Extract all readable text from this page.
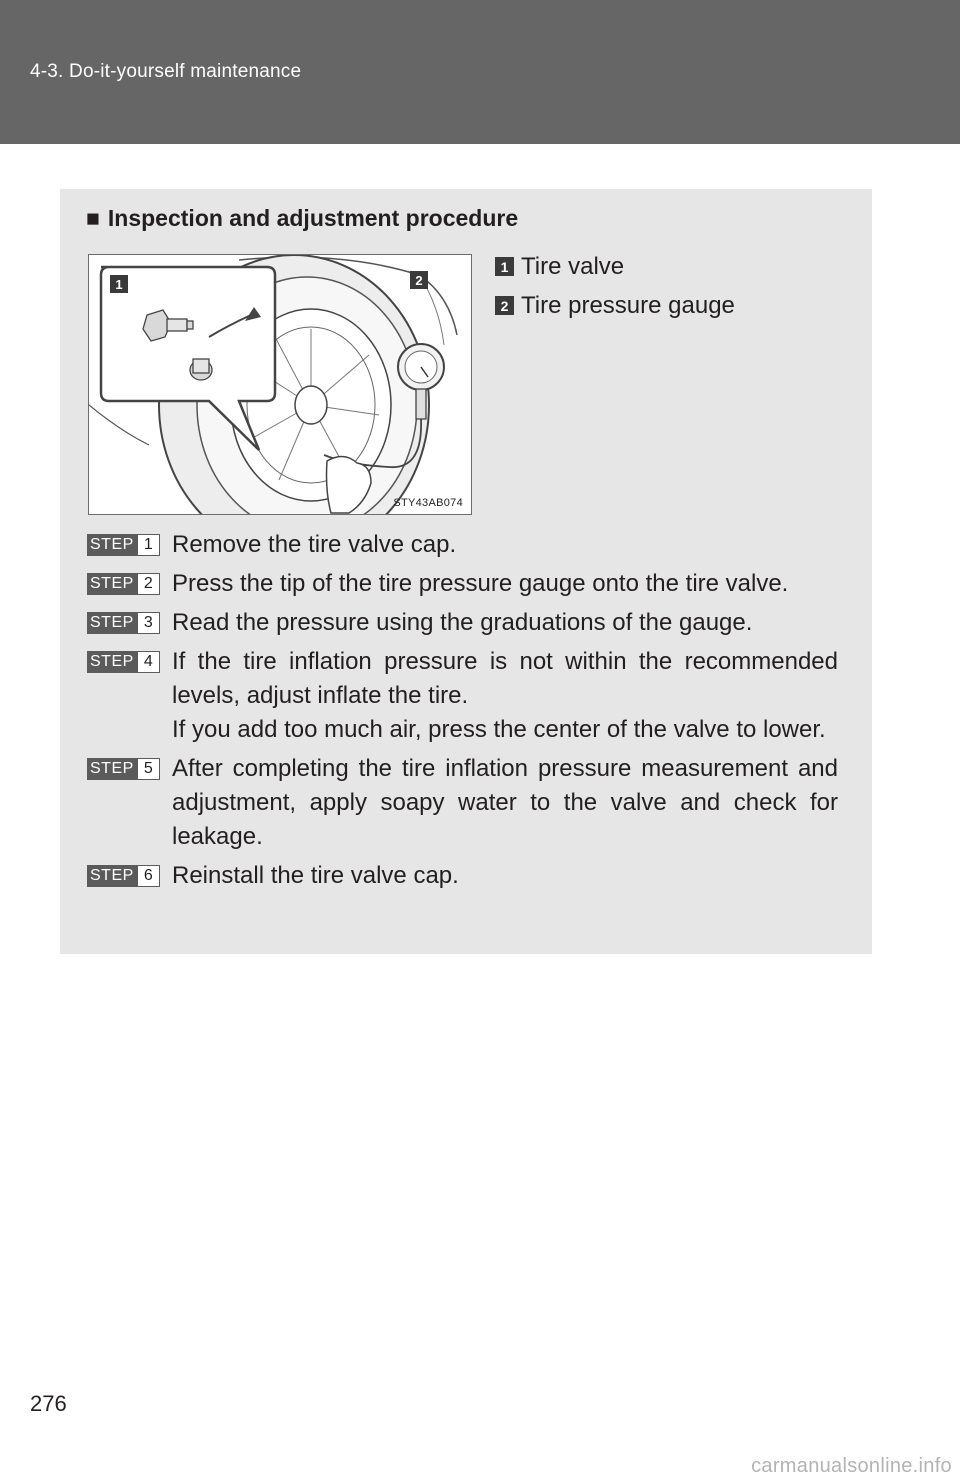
4-3. Do-it-yourself maintenance
■ Inspection and adjustment procedure
1	2
STY43AB074
1 Tire valve
2 Tire pressure gauge
STEP 1 Remove the tire valve cap.

STEP 2 Press the tip of the tire pressure gauge onto the tire valve.

STEP 3 Read the pressure using the graduations of the gauge.

STEP 4 If the tire inflation pressure is not within the recommended levels, adjust inflate the tire.

If you add too much air, press the center of the valve to lower.

STEP 5 After completing the tire inflation pressure measurement and adjustment, apply soapy water to the valve and check for leakage.

STEP 6 Reinstall the tire valve cap.

276
carmanualsonline.info
